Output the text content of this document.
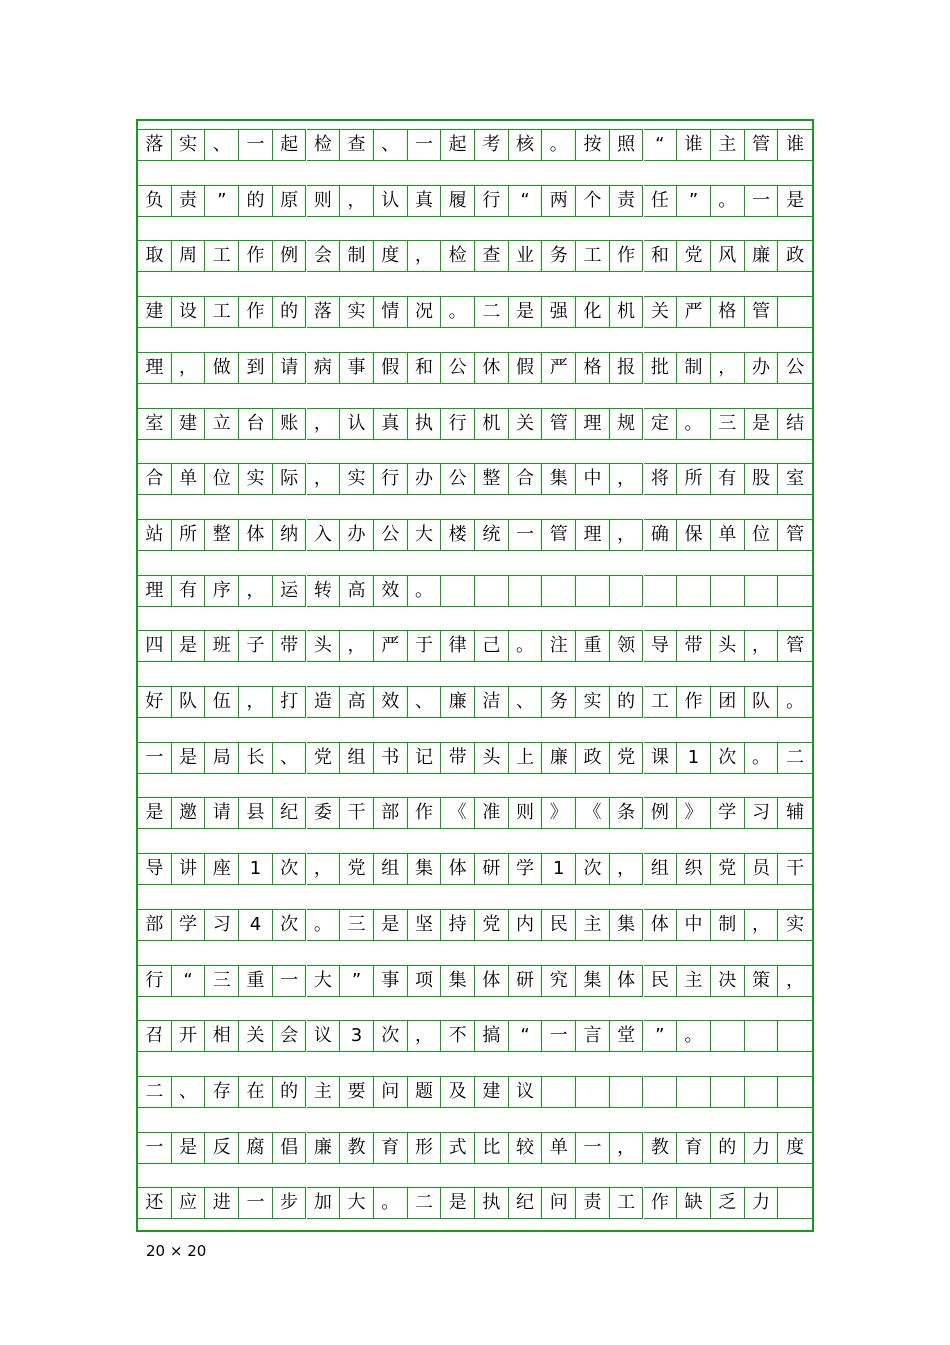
落 实 、 一 起 检 查 、 一 起 考 核 。 按 照	“	谁 主 管 谁
负 责	”	的 原 则 ， 认 真 履 行	“	两 个 责 任	”	。 一 是
取 周 工 作 例 会 制 度 ， 检 查 业 务 工 作 和 党 风 廉 政
建 设 工 作 的 落 实 情 况 。 二 是 强 化 机 关 严 格 管
理 ， 做 到 请 病 事 假 和 公 休 假 严 格 报 批 制 ， 办 公
室 建 立 台 账 ， 认 真 执 行 机 关 管 理 规 定 。 三 是 结
合 单 位 实 际 ， 实 行 办 公 整 合 集 中 ， 将 所 有 股 室
站 所 整 体 纳 入 办 公 大 楼 统 一 管 理 ， 确 保 单 位 管
理 有 序 ， 运 转 高 效 。
四 是 班 子 带 头 ， 严 于 律 己 。 注 重 领 导 带 头 ， 管
好 队 伍 ， 打 造 高 效 、 廉 洁 、 务 实 的 工 作 团 队 。
一 是 局 长 、 党 组 书 记 带 头 上 廉 政 党 课	1	次 。 二
是 邀 请 县 纪 委 干 部 作 《 准 则 》 《 条 例 》 学 习 辅
导 讲 座	1	次 ， 党 组 集 体 研 学	1	次 ， 组 织 党 员 干
部 学 习	4	次 。 三 是 坚 持 党 内 民 主 集 体 中 制 ， 实
行	“	三 重 一 大	”	事 项 集 体 研 究 集 体 民 主 决 策 ，
召 开 相 关 会 议	3	次 ， 不 搞	“	一 言 堂	”	。
二 、 存 在 的 主 要 问 题 及 建 议
一 是 反 腐 倡 廉 教 育 形 式 比 较 单 一 ， 教 育 的 力 度
还 应 进 一 步 加 大 。 二 是 执 纪 问 责 工 作 缺 乏 力
20 × 20
